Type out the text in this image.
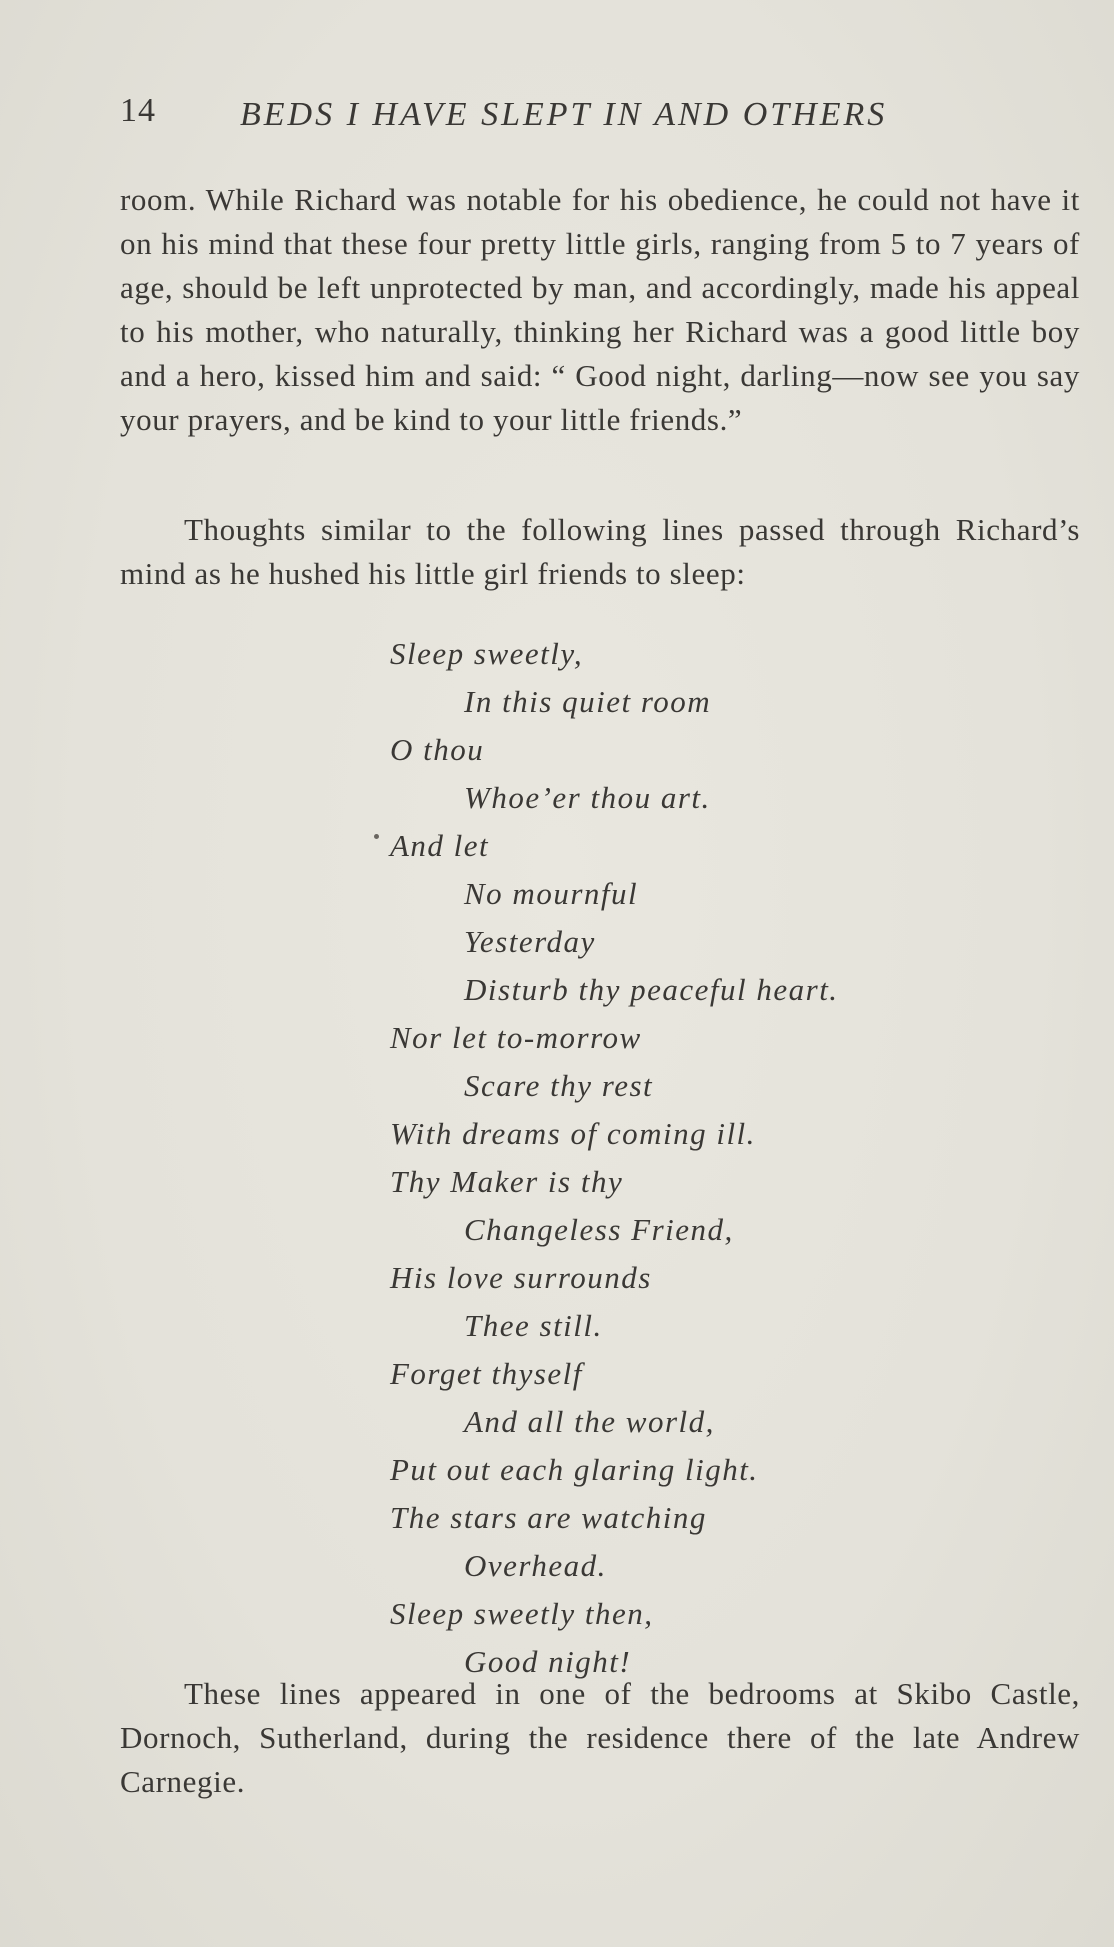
14 BEDS I HAVE SLEPT IN AND OTHERS

room. While Richard was notable for his obedience, he could not have it on his mind that these four pretty little girls, ranging from 5 to 7 years of age, should be left unprotected by man, and accordingly, made his appeal to his mother, who naturally, thinking her Richard was a good little boy and a hero, kissed him and said: “ Good night, darling—now see you say your prayers, and be kind to your little friends.”

Thoughts similar to the following lines passed through Richard’s mind as he hushed his little girl friends to sleep:

Sleep sweetly,
In this quiet room
O thou
Whoe’er thou art.
And let
No mournful
Yesterday
Disturb thy peaceful heart.
Nor let to-morrow
Scare thy rest
With dreams of coming ill.
Thy Maker is thy
Changeless Friend,
His love surrounds
Thee still.
Forget thyself
And all the world,
Put out each glaring light.
The stars are watching
Overhead.
Sleep sweetly then,
Good night!

These lines appeared in one of the bedrooms at Skibo Castle, Dornoch, Sutherland, during the residence there of the late Andrew Carnegie.
